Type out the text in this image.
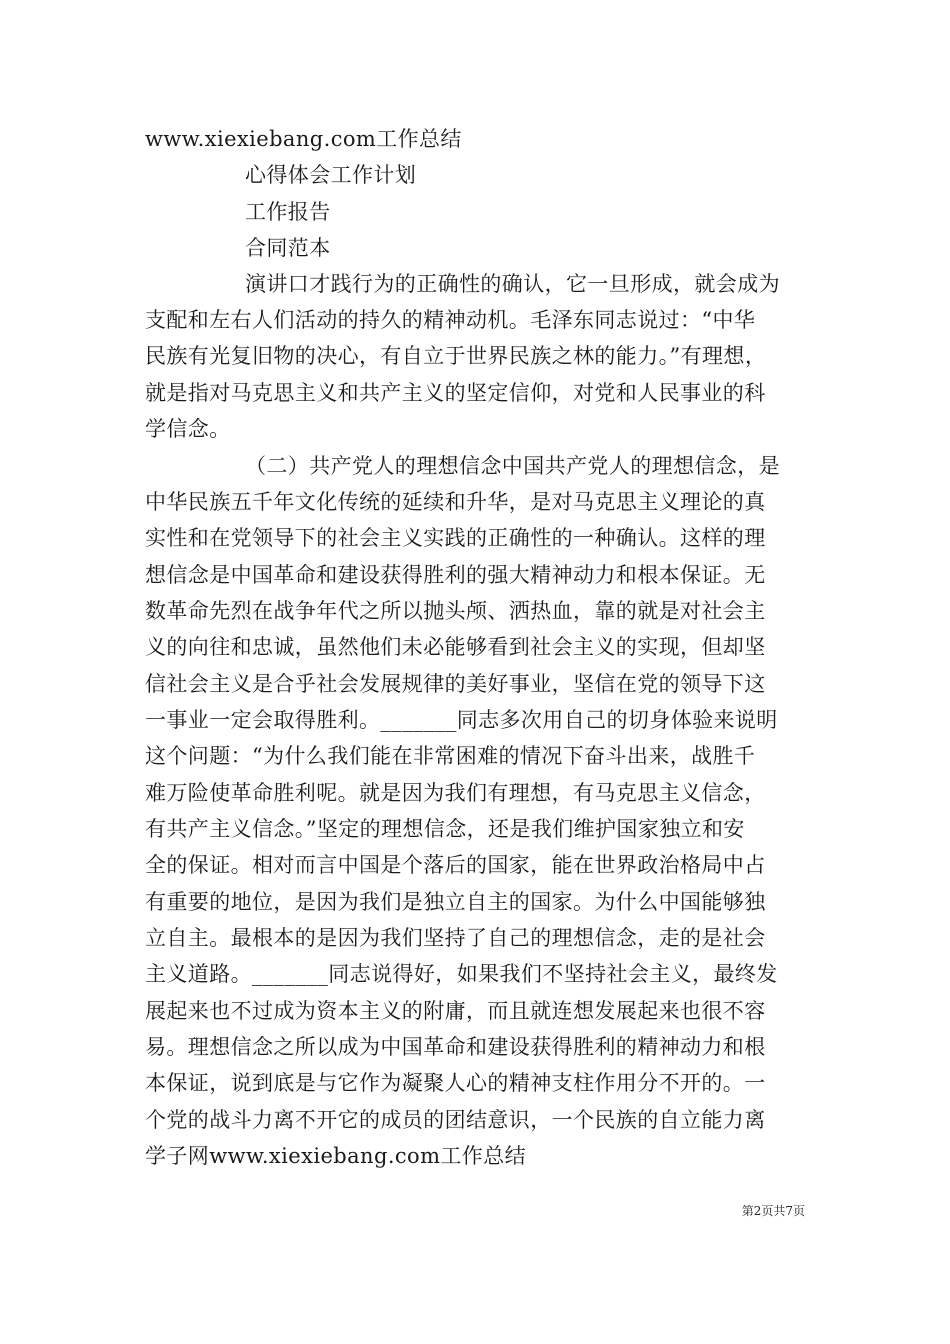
www.xiexiebang.com工作总结
心得体会工作计划
工作报告
合同范本
演讲口才践行为的正确性的确认，它一旦形成，就会成为
支配和左右人们活动的持久的精神动机。毛泽东同志说过：“中华
民族有光复旧物的决心，有自立于世界民族之林的能力。”有理想，
就是指对马克思主义和共产主义的坚定信仰，对党和人民事业的科
学信念。
（二）共产党人的理想信念中国共产党人的理想信念，是
中华民族五千年文化传统的延续和升华，是对马克思主义理论的真
实性和在党领导下的社会主义实践的正确性的一种确认。这样的理
想信念是中国革命和建设获得胜利的强大精神动力和根本保证。无
数革命先烈在战争年代之所以抛头颅、洒热血，靠的就是对社会主
义的向往和忠诚，虽然他们未必能够看到社会主义的实现，但却坚
信社会主义是合乎社会发展规律的美好事业，坚信在党的领导下这
一事业一定会取得胜利。_______同志多次用自己的切身体验来说明
这个问题：“为什么我们能在非常困难的情况下奋斗出来，战胜千
难万险使革命胜利呢。就是因为我们有理想，有马克思主义信念，
有共产主义信念。”坚定的理想信念，还是我们维护国家独立和安
全的保证。相对而言中国是个落后的国家，能在世界政治格局中占
有重要的地位，是因为我们是独立自主的国家。为什么中国能够独
立自主。最根本的是因为我们坚持了自己的理想信念，走的是社会
主义道路。_______同志说得好，如果我们不坚持社会主义，最终发
展起来也不过成为资本主义的附庸，而且就连想发展起来也很不容
易。理想信念之所以成为中国革命和建设获得胜利的精神动力和根
本保证，说到底是与它作为凝聚人心的精神支柱作用分不开的。一
个党的战斗力离不开它的成员的团结意识，一个民族的自立能力离
学子网www.xiexiebang.com工作总结
第2页共7页
